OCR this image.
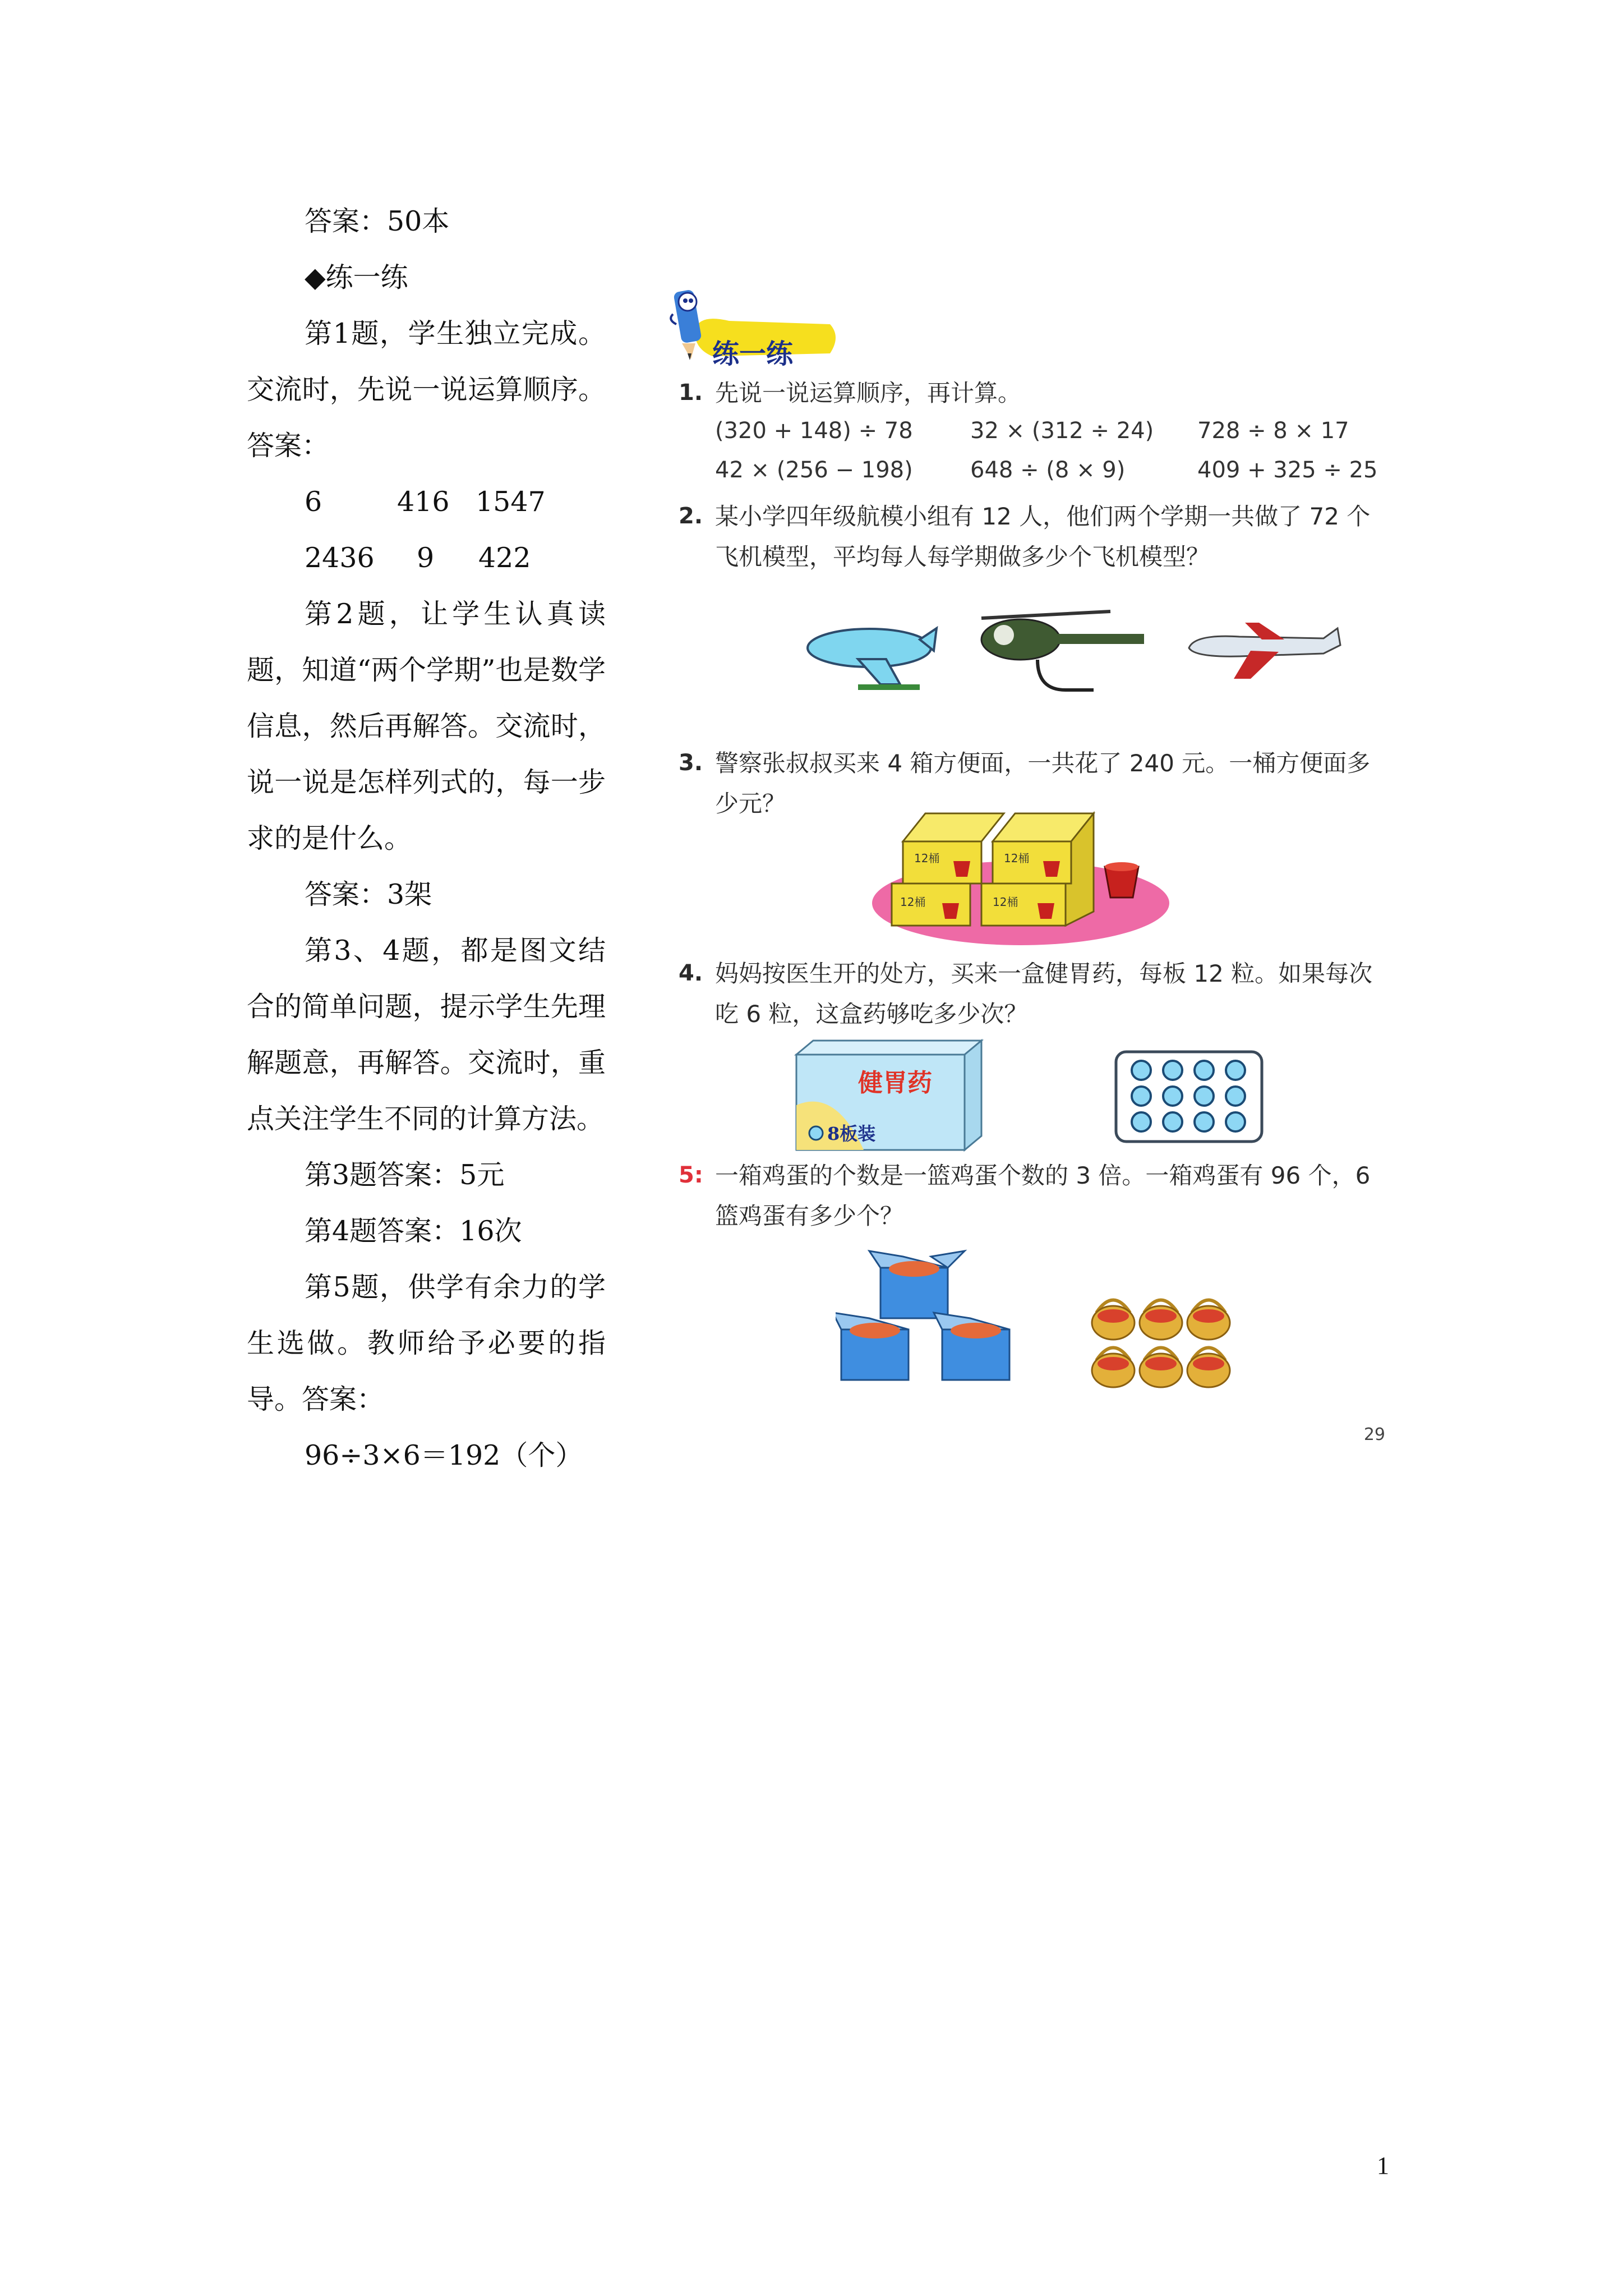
答案：50本

◆练一练

第1题，学生独立完成。交流时，先说一说运算顺序。答案：

6	416 1547

2436 9 422

第2题，让学生认真读题，知道“两个学期”也是数学信息，然后再解答。交流时，说一说是怎样列式的，每一步求的是什么。

答案：3架

第3、4题，都是图文结合的简单问题，提示学生先理解题意，再解答。交流时，重点关注学生不同的计算方法。

第3题答案：5元

第4题答案：16次

第5题，供学有余力的学生选做。教师给予必要的指导。答案：

96÷3×6＝192（个）

练一练
1. 先说一说运算顺序，再计算。
(320 + 148) ÷ 78	32 × (312 ÷ 24) 728 ÷ 8 × 17
42 × (256 − 198)	648 ÷ (8 × 9)	409 + 325 ÷ 25
2. 某小学四年级航模小组有 12 人，他们两个学期一共做了 72 个飞机模型，平均每人每学期做多少个飞机模型？
3. 警察张叔叔买来 4 箱方便面，一共花了 240 元。一桶方便面多少元？
12桶	12桶
12桶	12桶
4. 妈妈按医生开的处方，买来一盒健胃药，每板 12 粒。如果每次吃 6 粒，这盒药够吃多少次？
健胃药
8板装
5: 一箱鸡蛋的个数是一篮鸡蛋个数的 3 倍。一箱鸡蛋有 96 个，6 篮鸡蛋有多少个？
29
1
